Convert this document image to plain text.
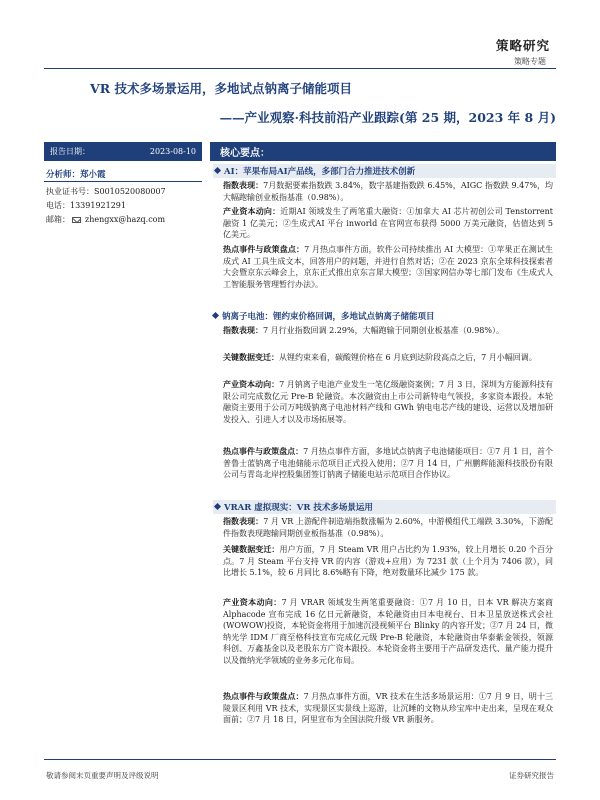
策略研究
策略专题
VR 技术多场景运用，多地试点钠离子储能项目
——产业观察·科技前沿产业跟踪(第 25 期，2023 年 8 月)
报告日期：	2023-08-10
分析师：郑小霞
执业证书号：S0010520080007
电话：13391921291
邮箱： zhengxx@hazq.com
核心要点：
AI：苹果布局AI产品线，多部门合力推进技术创新
指数表现：7月数据要素指数跌 3.84%，数字基建指数跌 6.45%，AIGC 指数跌 9.47%，均大幅跑输创业板指基准（0.98%）。
产业资本动向：近期AI 领域发生了两笔重大融资：①加拿大 AI 芯片初创公司 Tenstorrent 融资 1 亿美元；②生成式AI 平台 inworld 在官网宣布获得 5000 万美元融资，估值达到 5 亿美元。
热点事件与政策盘点：7 月热点事件方面，软件公司持续推出 AI 大模型：①苹果正在测试生成式 AI 工具生成文本，回答用户的问题，并进行自然对话；②在 2023 京东全球科技探索者大会暨京东云峰会上，京东正式推出京东言犀大模型；③国家网信办等七部门发布《生成式人工智能服务管理暂行办法》。
钠离子电池：锂约束价格回调，多地试点钠离子储能项目
指数表现：7 月行业指数回调 2.29%，大幅跑输于同期创业板基准（0.98%）。
关键数据变迁：从锂约束来看，碳酸锂价格在 6 月底到达阶段高点之后，7 月小幅回调。
产业资本动向：7 月钠离子电池产业发生一笔亿级融资案例；7 月 3 日，深圳为方能源科技有限公司完成数亿元 Pre-B 轮融资。本次融资由上市公司新特电气领投，多家资本跟投。本轮融资主要用于公司万吨级钠离子电池材料产线和 GWh 钠电电芯产线的建设、运营以及增加研发投入、引进人才以及市场拓展等。
热点事件与政策盘点：7 月热点事件方面，多地试点钠离子电池储能项目：①7 月 1 日，首个普鲁士蓝钠离子电池储能示范项目正式投入使用；②7 月 14 日，广州鹏辉能源科技股份有限公司与青岛北岸控股集团签订钠离子储能电站示范项目合作协议。
VRAR 虚拟现实：VR 技术多场景运用
指数表现：7 月 VR 上游配件制造端指数涨幅为 2.60%，中游模组代工端跌 3.30%，下游配件指数表现跑输同期创业板指基准（0.98%）。
关键数据变迁：用户方面，7 月 Steam VR 用户占比约为 1.93%，较上月增长 0.20 个百分点。7 月 Steam 平台支持 VR 的内容（游戏+应用）为 7231 款（上个月为 7406 款），同比增长 5.1%，较 6 月同比 8.6%略有下降，绝对数量环比减少 175 款。
产业资本动向：7 月 VRAR 领域发生两笔重要融资：①7 月 10 日，日本 VR 解决方案商 Alphacode 宣布完成 16 亿日元新融资，本轮融资由日本电视台、日本卫星放送株式会社(WOWOW)投资，本轮资金将用于加速沉浸视频平台 Blinky 的内容开发；②7 月 24 日，微纳光学 IDM 厂商至格科技宣布完成亿元级 Pre-B 轮融资，本轮融资由华泰紫金领投，领源科创、万鑫基金以及老股东方广资本跟投。本轮资金将主要用于产品研发迭代、量产能力提升以及微纳光学领域的业务多元化布局。
热点事件与政策盘点：7 月热点事件方面，VR 技术在生活多场景运用：①7 月 9 日，明十三陵景区利用 VR 技术，实现景区实景线上巡游，让沉睡的文物从珍宝库中走出来，呈现在观众面前；②7 月 18 日，阿里宣布为全国法院升级 VR 新服务。
敬请参阅末页重要声明及评级说明	证券研究报告
